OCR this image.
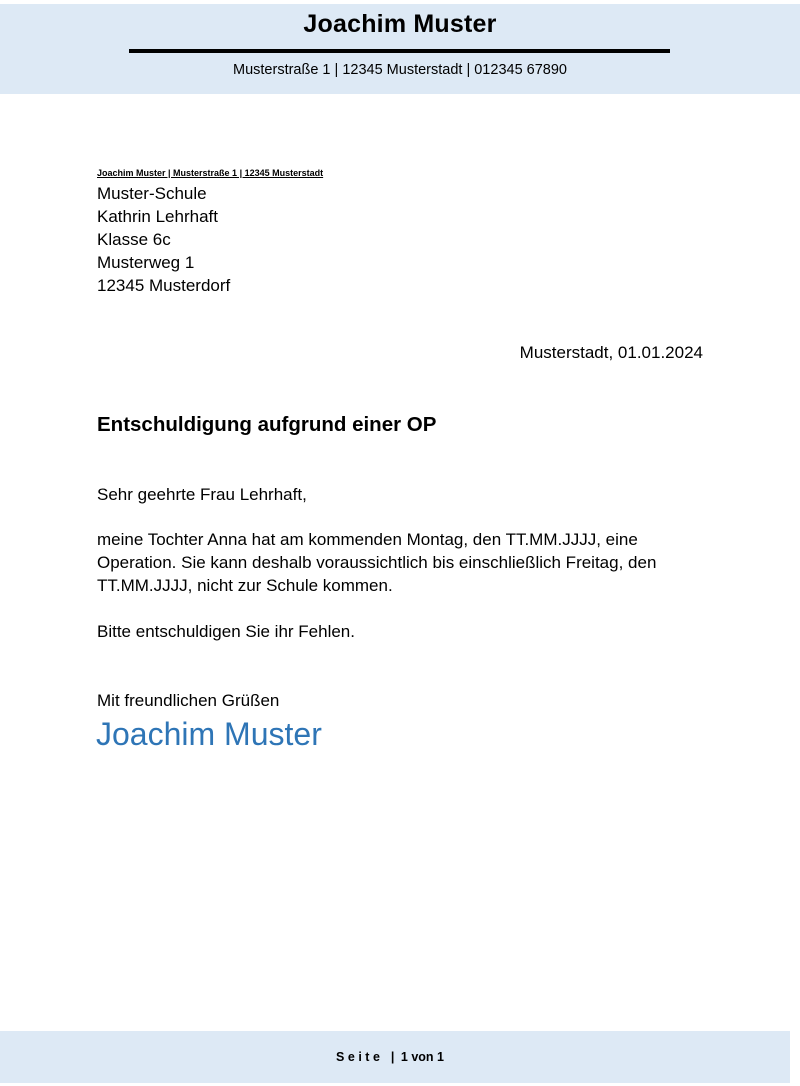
Joachim Muster
Musterstraße 1 | 12345 Musterstadt | 012345 67890
Joachim Muster | Musterstraße 1 | 12345 Musterstadt
Muster-Schule
Kathrin Lehrhaft
Klasse 6c
Musterweg 1
12345 Musterdorf
Musterstadt, 01.01.2024
Entschuldigung aufgrund einer OP
Sehr geehrte Frau Lehrhaft,
meine Tochter Anna hat am kommenden Montag, den TT.MM.JJJJ, eine Operation. Sie kann deshalb voraussichtlich bis einschließlich Freitag, den TT.MM.JJJJ, nicht zur Schule kommen.
Bitte entschuldigen Sie ihr Fehlen.
Mit freundlichen Grüßen
Joachim Muster
Seite | 1 von 1
